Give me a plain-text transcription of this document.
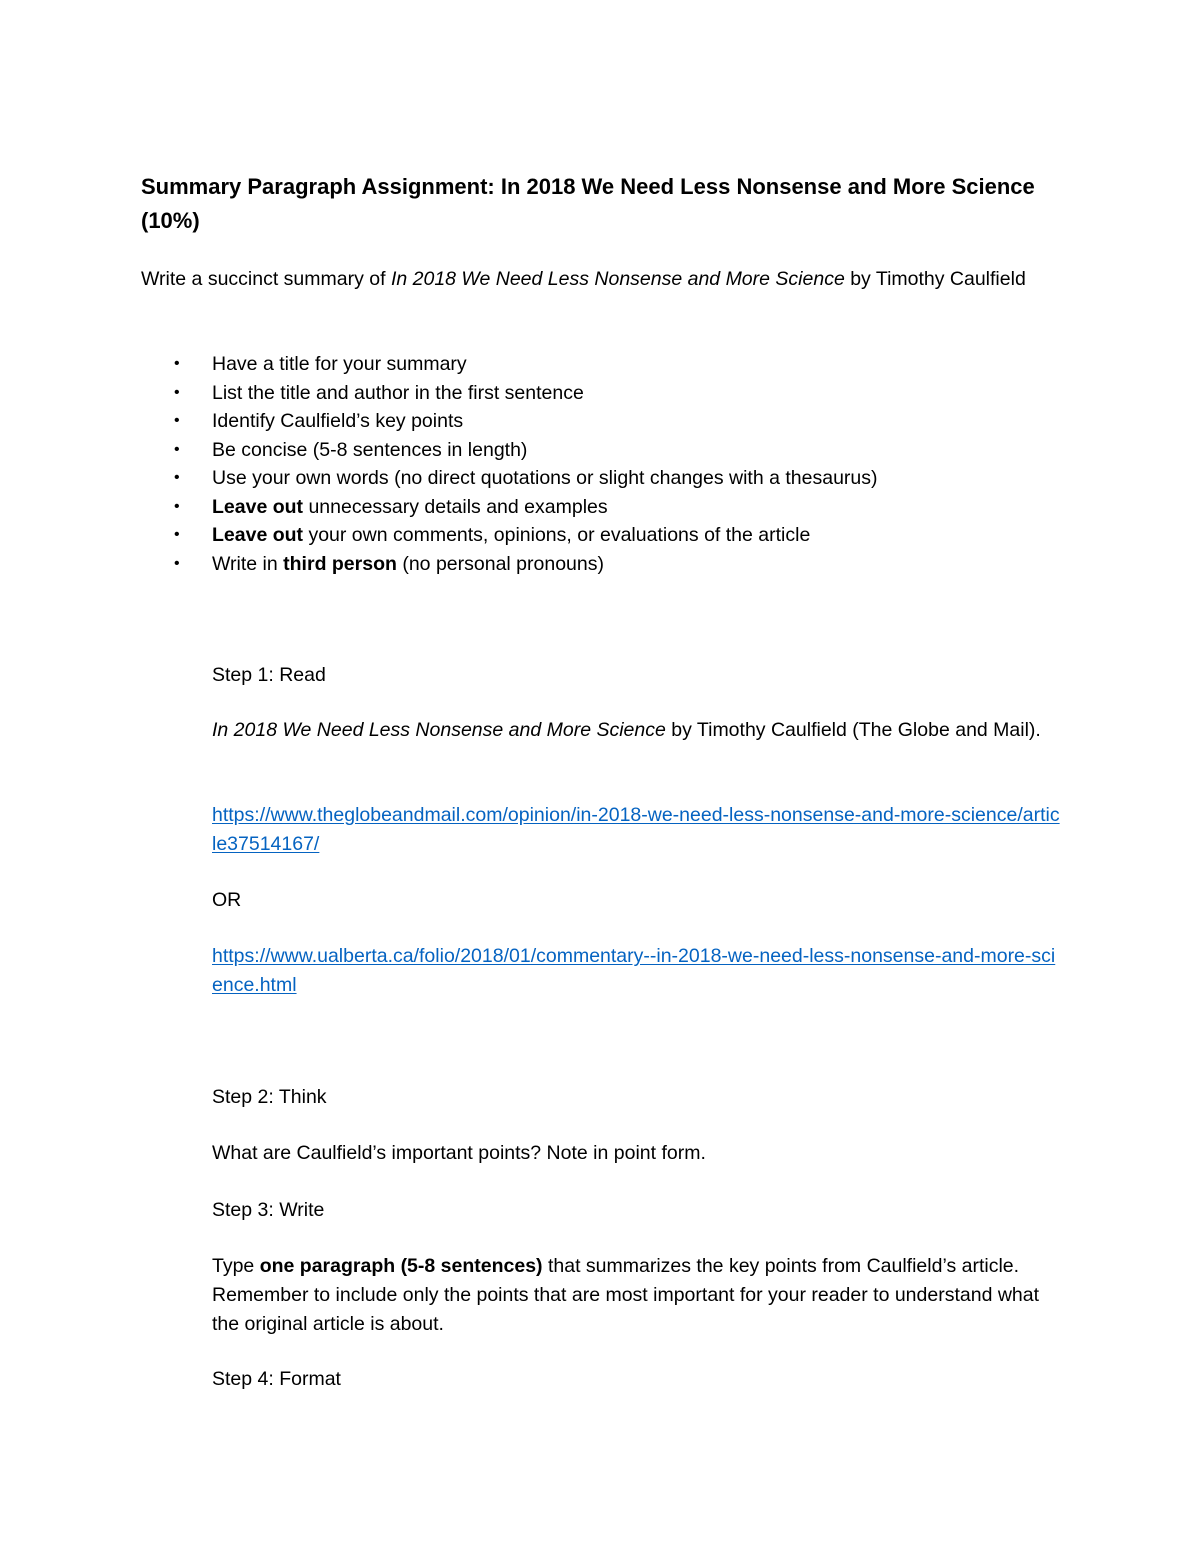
Summary Paragraph Assignment: In 2018 We Need Less Nonsense and More Science (10%)

Write a succinct summary of In 2018 We Need Less Nonsense and More Science by Timothy Caulfield

• Have a title for your summary
• List the title and author in the first sentence
• Identify Caulfield’s key points
• Be concise (5-8 sentences in length)
• Use your own words (no direct quotations or slight changes with a thesaurus)
• Leave out unnecessary details and examples
• Leave out your own comments, opinions, or evaluations of the article
• Write in third person (no personal pronouns)

Step 1: Read

In 2018 We Need Less Nonsense and More Science by Timothy Caulfield (The Globe and Mail).

https://www.theglobeandmail.com/opinion/in-2018-we-need-less-nonsense-and-more-science/article37514167/

OR

https://www.ualberta.ca/folio/2018/01/commentary--in-2018-we-need-less-nonsense-and-more-science.html

Step 2: Think

What are Caulfield’s important points? Note in point form.

Step 3: Write

Type one paragraph (5-8 sentences) that summarizes the key points from Caulfield’s article. Remember to include only the points that are most important for your reader to understand what the original article is about.

Step 4: Format
